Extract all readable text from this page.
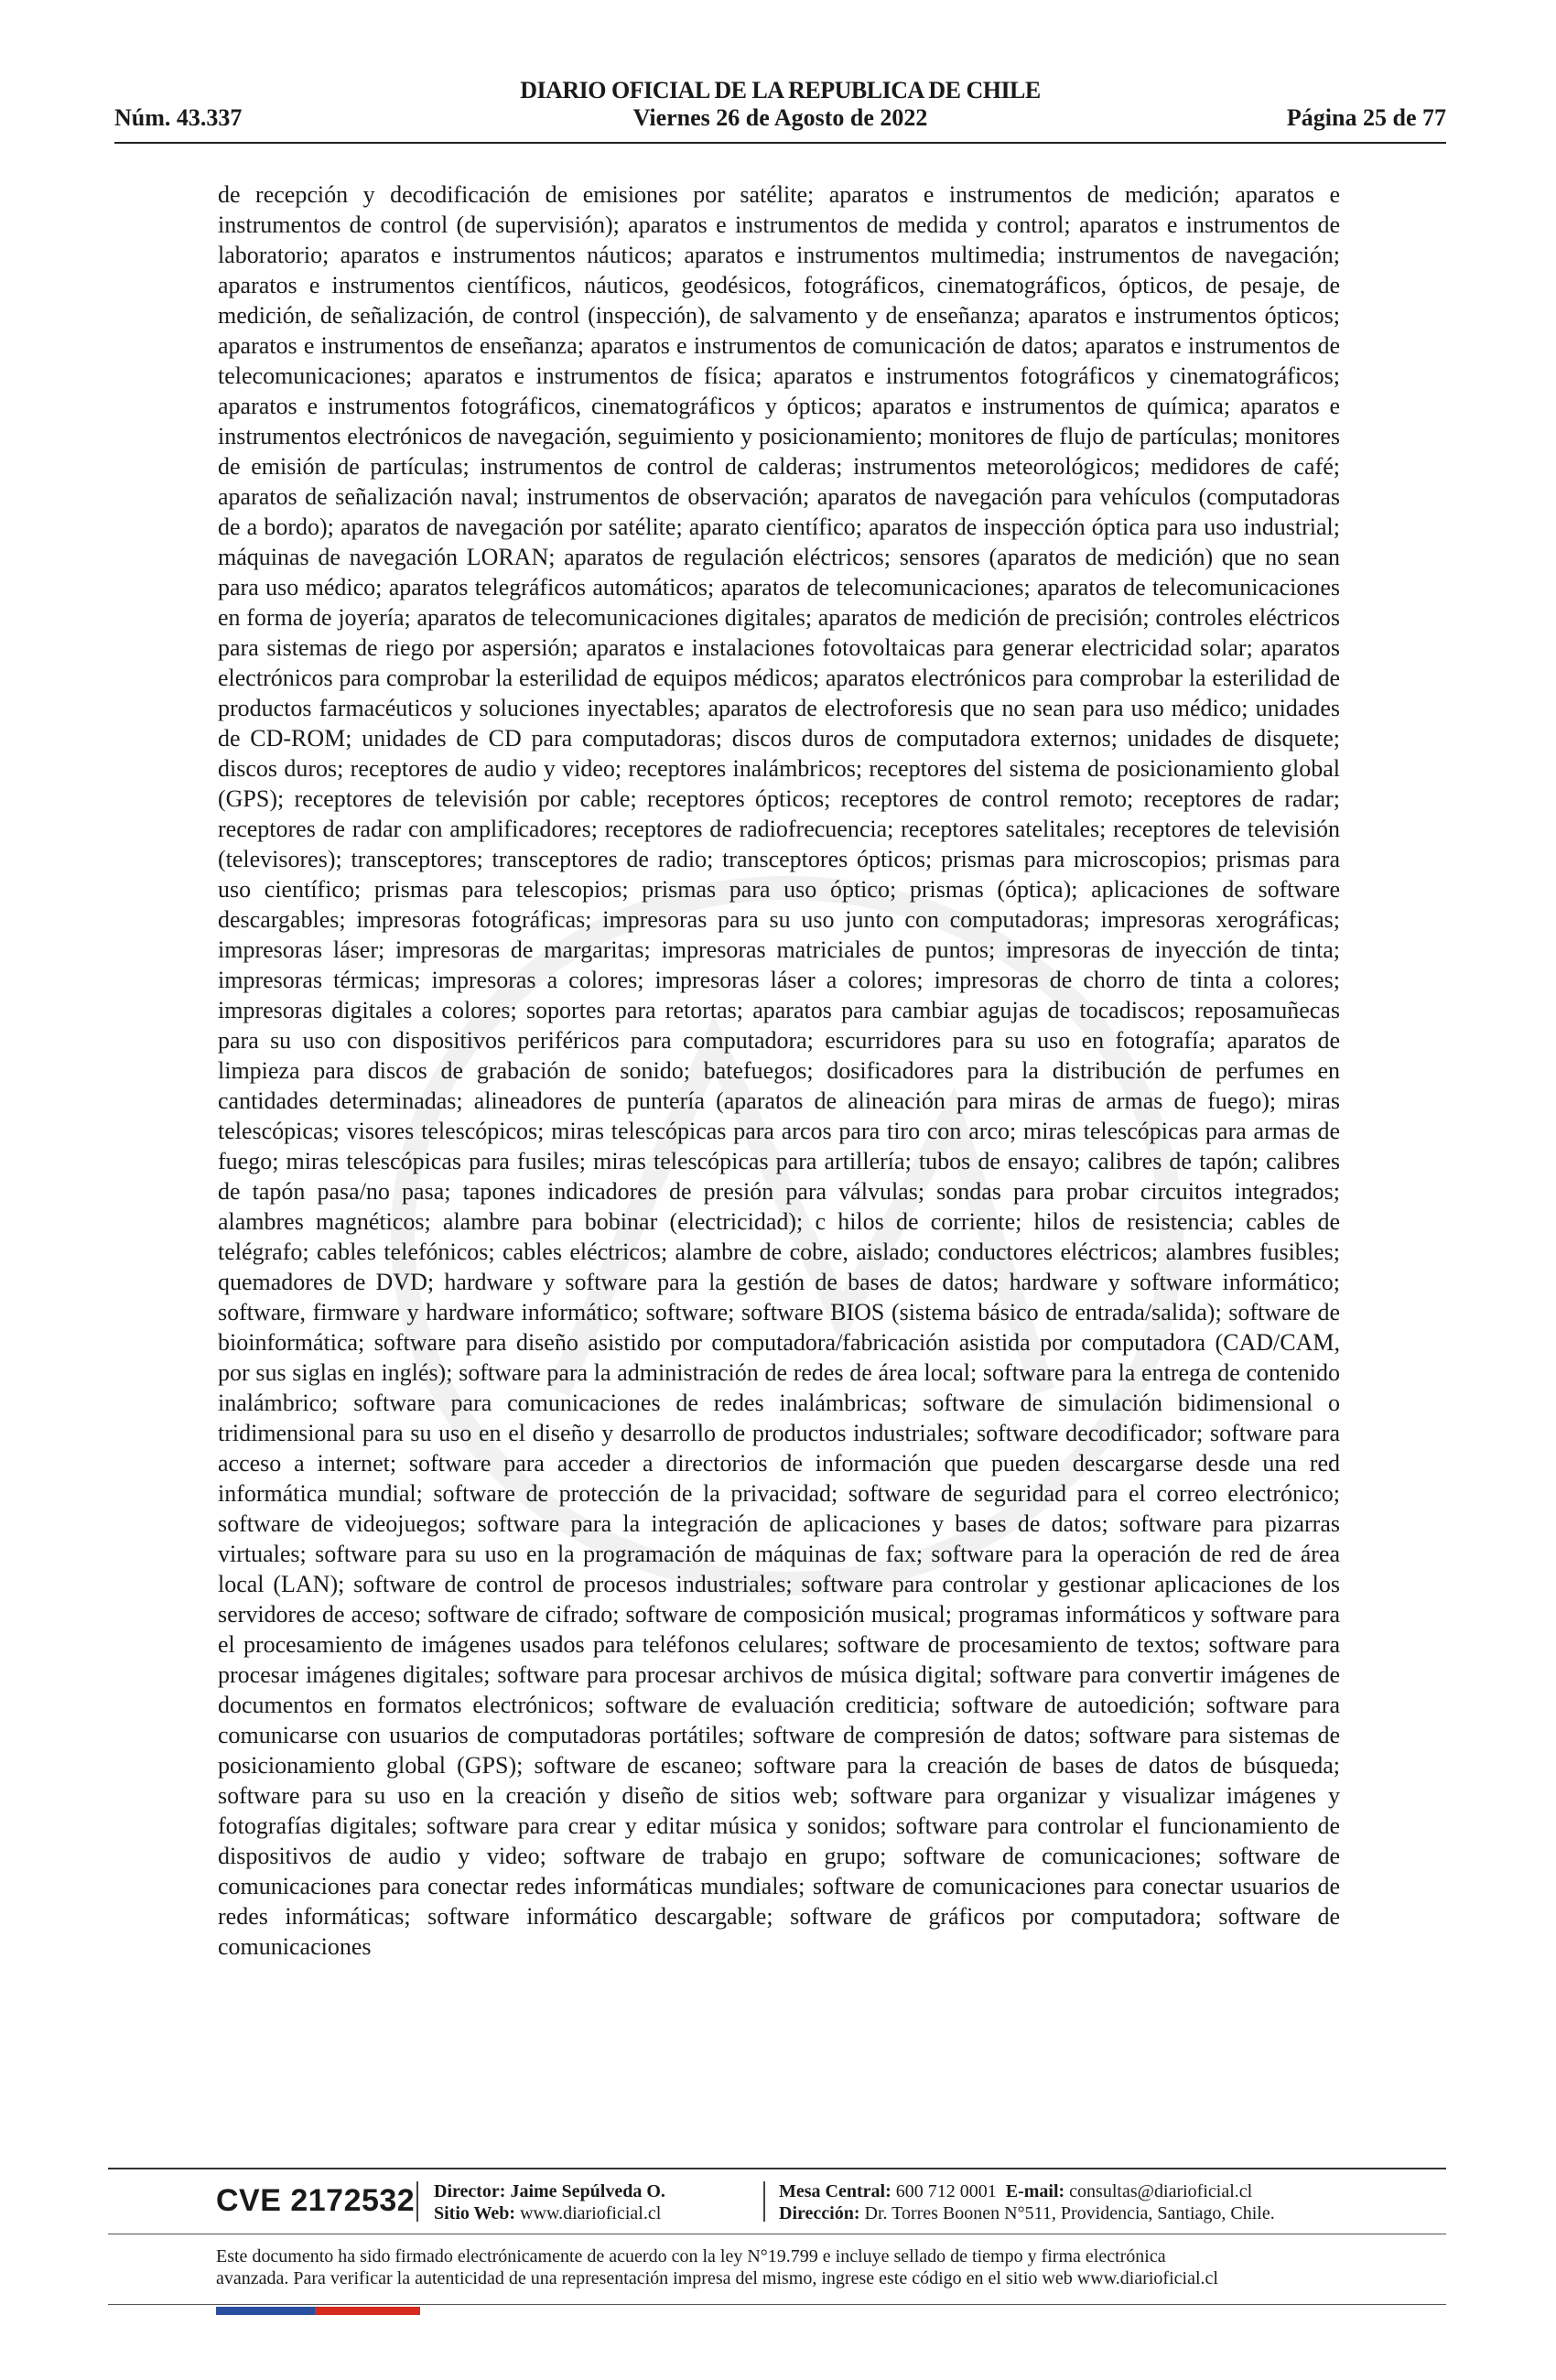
DIARIO OFICIAL DE LA REPUBLICA DE CHILE
Núm. 43.337	Viernes 26 de Agosto de 2022	Página 25 de 77

de recepción y decodificación de emisiones por satélite; aparatos e instrumentos de medición; aparatos e instrumentos de control (de supervisión); aparatos e instrumentos de medida y control; aparatos e instrumentos de laboratorio; aparatos e instrumentos náuticos; aparatos e instrumentos multimedia; instrumentos de navegación; aparatos e instrumentos científicos, náuticos, geodésicos, fotográficos, cinematográficos, ópticos, de pesaje, de medición, de señalización, de control (inspección), de salvamento y de enseñanza; aparatos e instrumentos ópticos; aparatos e instrumentos de enseñanza; aparatos e instrumentos de comunicación de datos; aparatos e instrumentos de telecomunicaciones; aparatos e instrumentos de física; aparatos e instrumentos fotográficos y cinematográficos; aparatos e instrumentos fotográficos, cinematográficos y ópticos; aparatos e instrumentos de química; aparatos e instrumentos electrónicos de navegación, seguimiento y posicionamiento; monitores de flujo de partículas; monitores de emisión de partículas; instrumentos de control de calderas; instrumentos meteorológicos; medidores de café; aparatos de señalización naval; instrumentos de observación; aparatos de navegación para vehículos (computadoras de a bordo); aparatos de navegación por satélite; aparato científico; aparatos de inspección óptica para uso industrial; máquinas de navegación LORAN; aparatos de regulación eléctricos; sensores (aparatos de medición) que no sean para uso médico; aparatos telegráficos automáticos; aparatos de telecomunicaciones; aparatos de telecomunicaciones en forma de joyería; aparatos de telecomunicaciones digitales; aparatos de medición de precisión; controles eléctricos para sistemas de riego por aspersión; aparatos e instalaciones fotovoltaicas para generar electricidad solar; aparatos electrónicos para comprobar la esterilidad de equipos médicos; aparatos electrónicos para comprobar la esterilidad de productos farmacéuticos y soluciones inyectables; aparatos de electroforesis que no sean para uso médico; unidades de CD-ROM; unidades de CD para computadoras; discos duros de computadora externos; unidades de disquete; discos duros; receptores de audio y video; receptores inalámbricos; receptores del sistema de posicionamiento global (GPS); receptores de televisión por cable; receptores ópticos; receptores de control remoto; receptores de radar; receptores de radar con amplificadores; receptores de radiofrecuencia; receptores satelitales; receptores de televisión (televisores); transceptores; transceptores de radio; transceptores ópticos; prismas para microscopios; prismas para uso científico; prismas para telescopios; prismas para uso óptico; prismas (óptica); aplicaciones de software descargables; impresoras fotográficas; impresoras para su uso junto con computadoras; impresoras xerográficas; impresoras láser; impresoras de margaritas; impresoras matriciales de puntos; impresoras de inyección de tinta; impresoras térmicas; impresoras a colores; impresoras láser a colores; impresoras de chorro de tinta a colores; impresoras digitales a colores; soportes para retortas; aparatos para cambiar agujas de tocadiscos; reposamuñecas para su uso con dispositivos periféricos para computadora; escurridores para su uso en fotografía; aparatos de limpieza para discos de grabación de sonido; batefuegos; dosificadores para la distribución de perfumes en cantidades determinadas; alineadores de puntería (aparatos de alineación para miras de armas de fuego); miras telescópicas; visores telescópicos; miras telescópicas para arcos para tiro con arco; miras telescópicas para armas de fuego; miras telescópicas para fusiles; miras telescópicas para artillería; tubos de ensayo; calibres de tapón; calibres de tapón pasa/no pasa; tapones indicadores de presión para válvulas; sondas para probar circuitos integrados; alambres magnéticos; alambre para bobinar (electricidad); c hilos de corriente; hilos de resistencia; cables de telégrafo; cables telefónicos; cables eléctricos; alambre de cobre, aislado; conductores eléctricos; alambres fusibles; quemadores de DVD; hardware y software para la gestión de bases de datos; hardware y software informático; software, firmware y hardware informático; software; software BIOS (sistema básico de entrada/salida); software de bioinformática; software para diseño asistido por computadora/fabricación asistida por computadora (CAD/CAM, por sus siglas en inglés); software para la administración de redes de área local; software para la entrega de contenido inalámbrico; software para comunicaciones de redes inalámbricas; software de simulación bidimensional o tridimensional para su uso en el diseño y desarrollo de productos industriales; software decodificador; software para acceso a internet; software para acceder a directorios de información que pueden descargarse desde una red informática mundial; software de protección de la privacidad; software de seguridad para el correo electrónico; software de videojuegos; software para la integración de aplicaciones y bases de datos; software para pizarras virtuales; software para su uso en la programación de máquinas de fax; software para la operación de red de área local (LAN); software de control de procesos industriales; software para controlar y gestionar aplicaciones de los servidores de acceso; software de cifrado; software de composición musical; programas informáticos y software para el procesamiento de imágenes usados para teléfonos celulares; software de procesamiento de textos; software para procesar imágenes digitales; software para procesar archivos de música digital; software para convertir imágenes de documentos en formatos electrónicos; software de evaluación crediticia; software de autoedición; software para comunicarse con usuarios de computadoras portátiles; software de compresión de datos; software para sistemas de posicionamiento global (GPS); software de escaneo; software para la creación de bases de datos de búsqueda; software para su uso en la creación y diseño de sitios web; software para organizar y visualizar imágenes y fotografías digitales; software para crear y editar música y sonidos; software para controlar el funcionamiento de dispositivos de audio y video; software de trabajo en grupo; software de comunicaciones; software de comunicaciones para conectar redes informáticas mundiales; software de comunicaciones para conectar usuarios de redes informáticas; software informático descargable; software de gráficos por computadora; software de comunicaciones

CVE 2172532 Director: Jaime Sepúlveda O.
Sitio Web: www.diarioficial.cl
Mesa Central: 600 712 0001 E-mail: consultas@diarioficial.cl
Dirección: Dr. Torres Boonen N°511, Providencia, Santiago, Chile.
Este documento ha sido firmado electrónicamente de acuerdo con la ley N°19.799 e incluye sellado de tiempo y firma electrónica
avanzada. Para verificar la autenticidad de una representación impresa del mismo, ingrese este código en el sitio web www.diarioficial.cl
